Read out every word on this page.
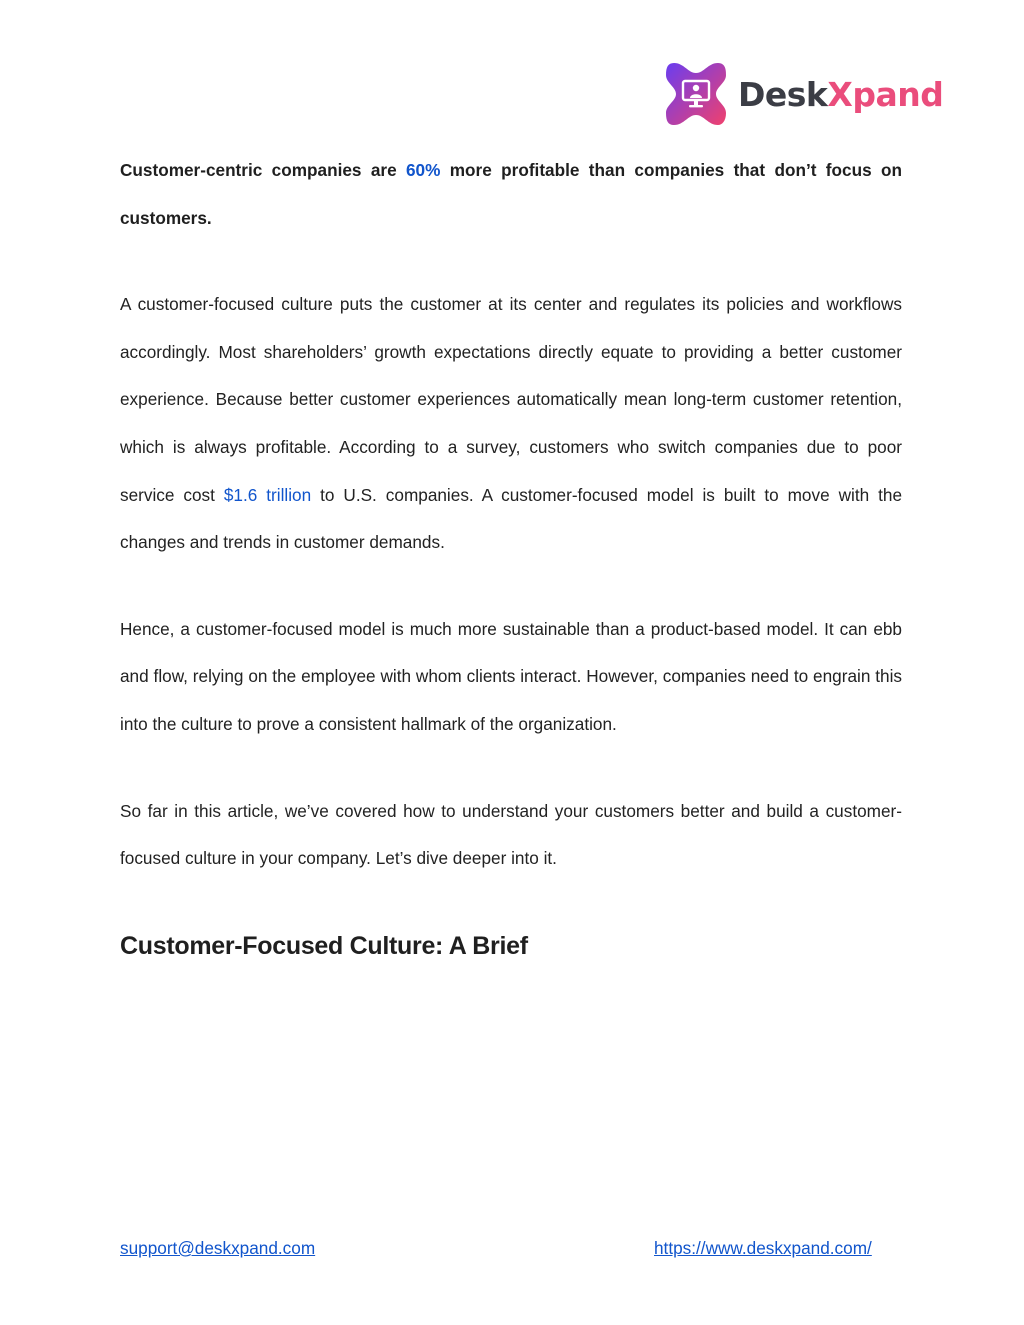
DeskXpand

Customer-centric companies are 60% more profitable than companies that don’t focus on customers.

A customer-focused culture puts the customer at its center and regulates its policies and workflows accordingly. Most shareholders’ growth expectations directly equate to providing a better customer experience. Because better customer experiences automatically mean long-term customer retention, which is always profitable. According to a survey, customers who switch companies due to poor service cost $1.6 trillion to U.S. companies. A customer-focused model is built to move with the changes and trends in customer demands.

Hence, a customer-focused model is much more sustainable than a product-based model. It can ebb and flow, relying on the employee with whom clients interact. However, companies need to engrain this into the culture to prove a consistent hallmark of the organization.

So far in this article, we’ve covered how to understand your customers better and build a customer-focused culture in your company. Let’s dive deeper into it.

Customer-Focused Culture: A Brief
support@deskxpand.com	https://www.deskxpand.com/
